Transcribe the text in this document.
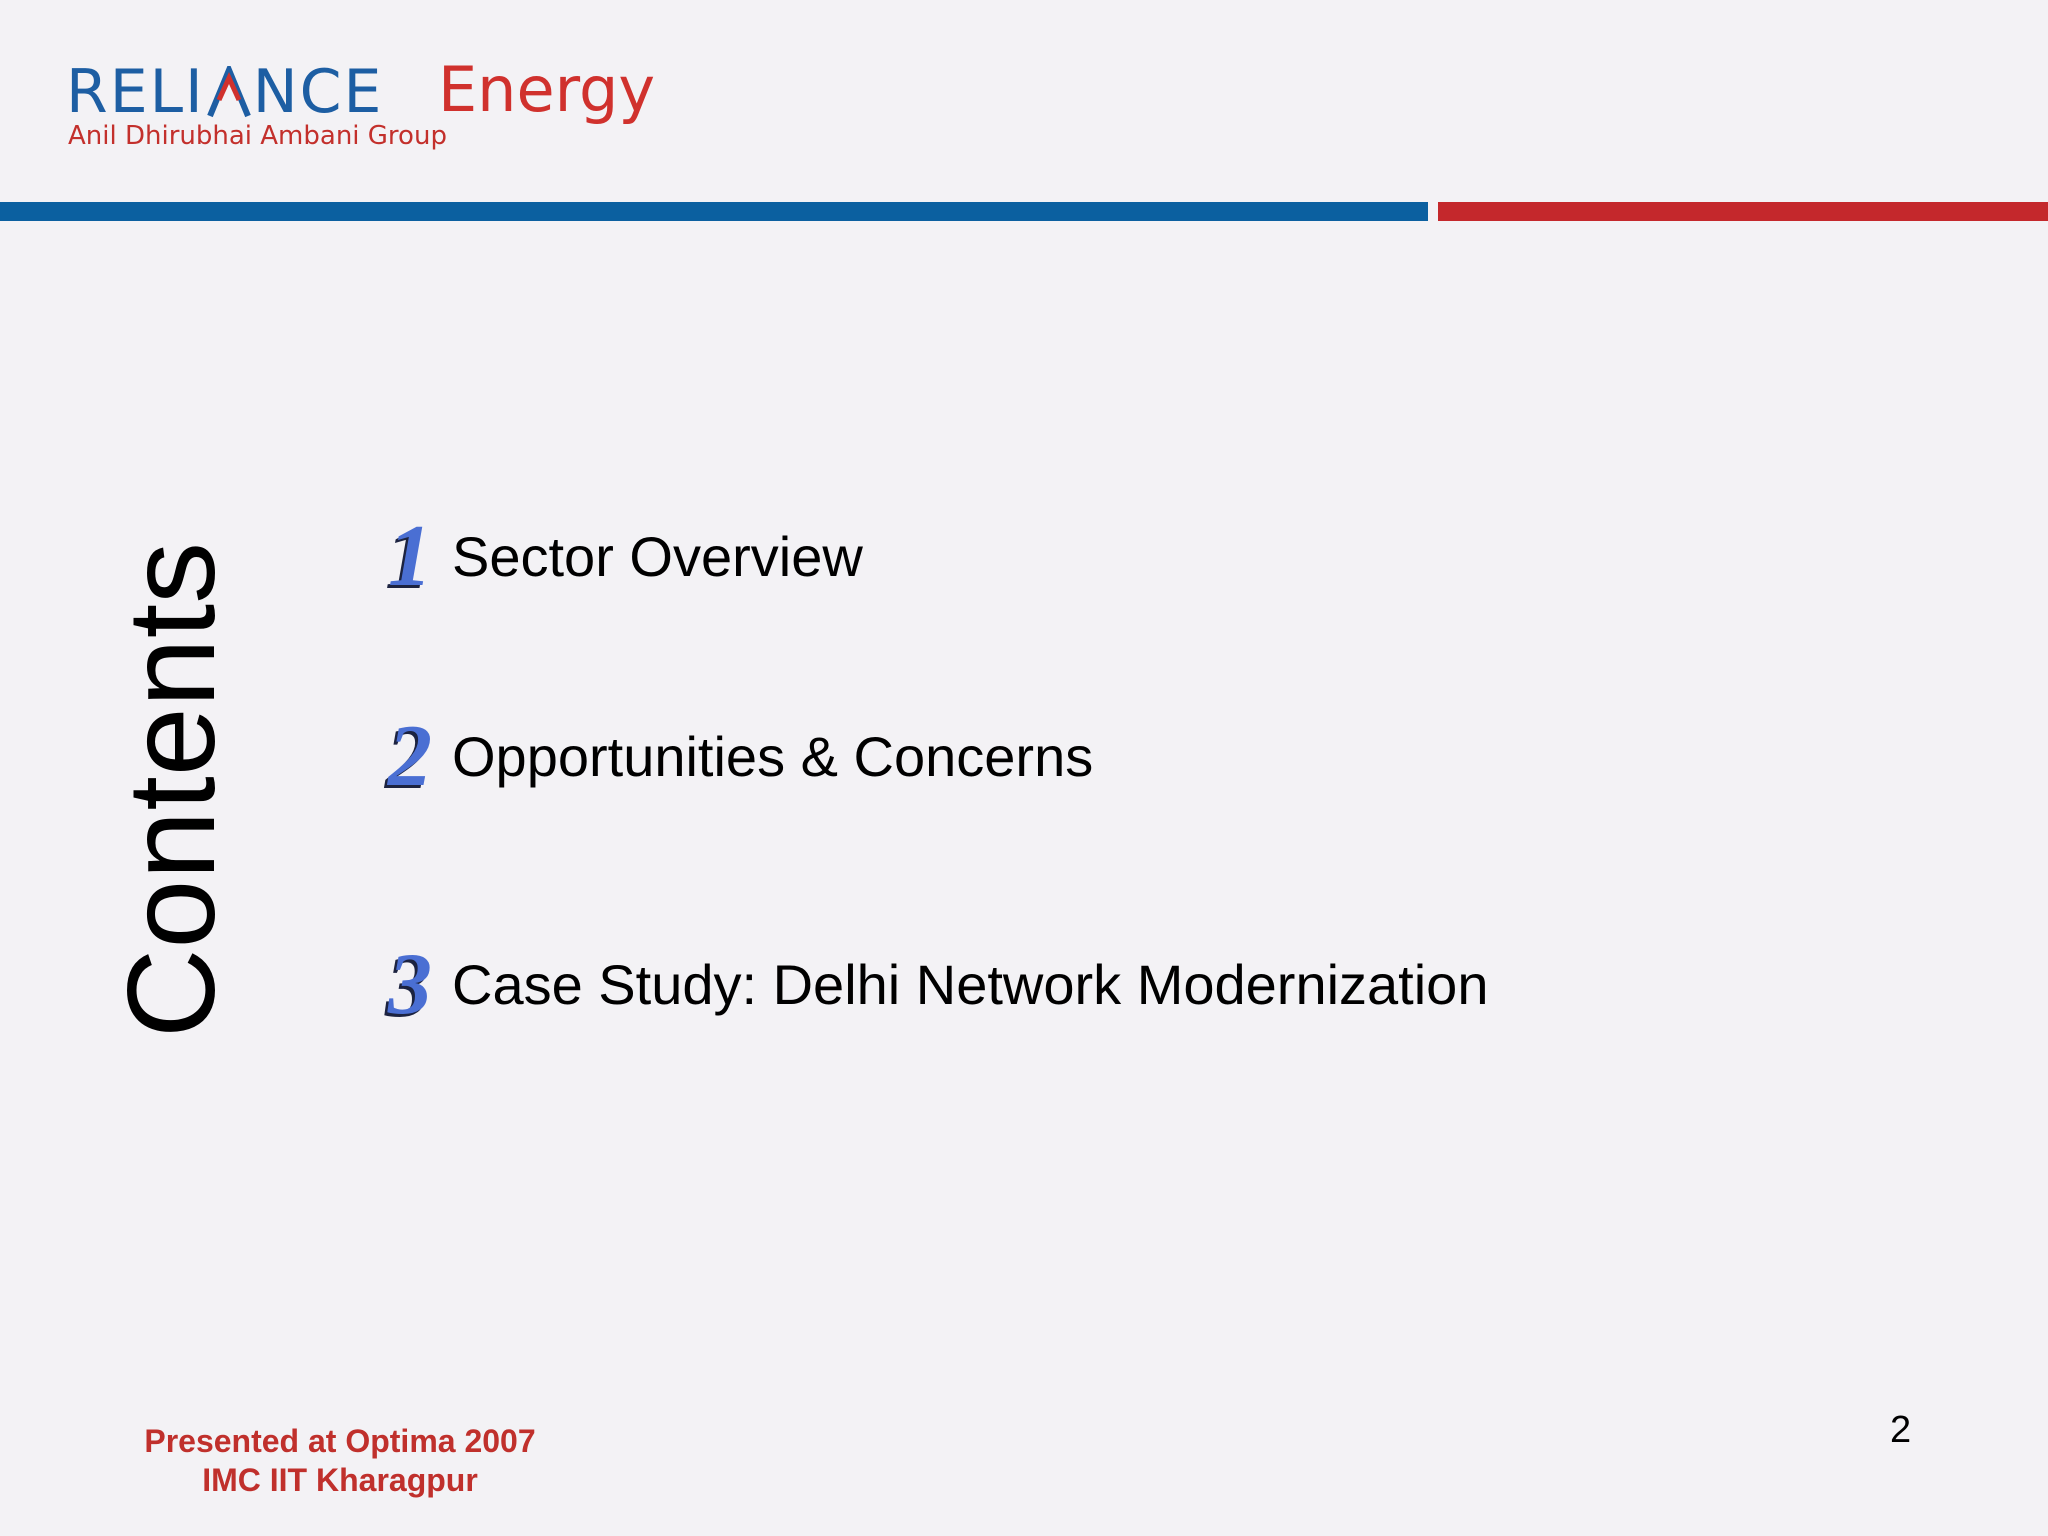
RELI NCE Energy
Anil Dhirubhai Ambani Group
Contents 1 Sector Overview
2 Opportunities & Concerns
3 Case Study: Delhi Network Modernization
Presented at Optima 2007
IMC IIT Kharagpur
2
